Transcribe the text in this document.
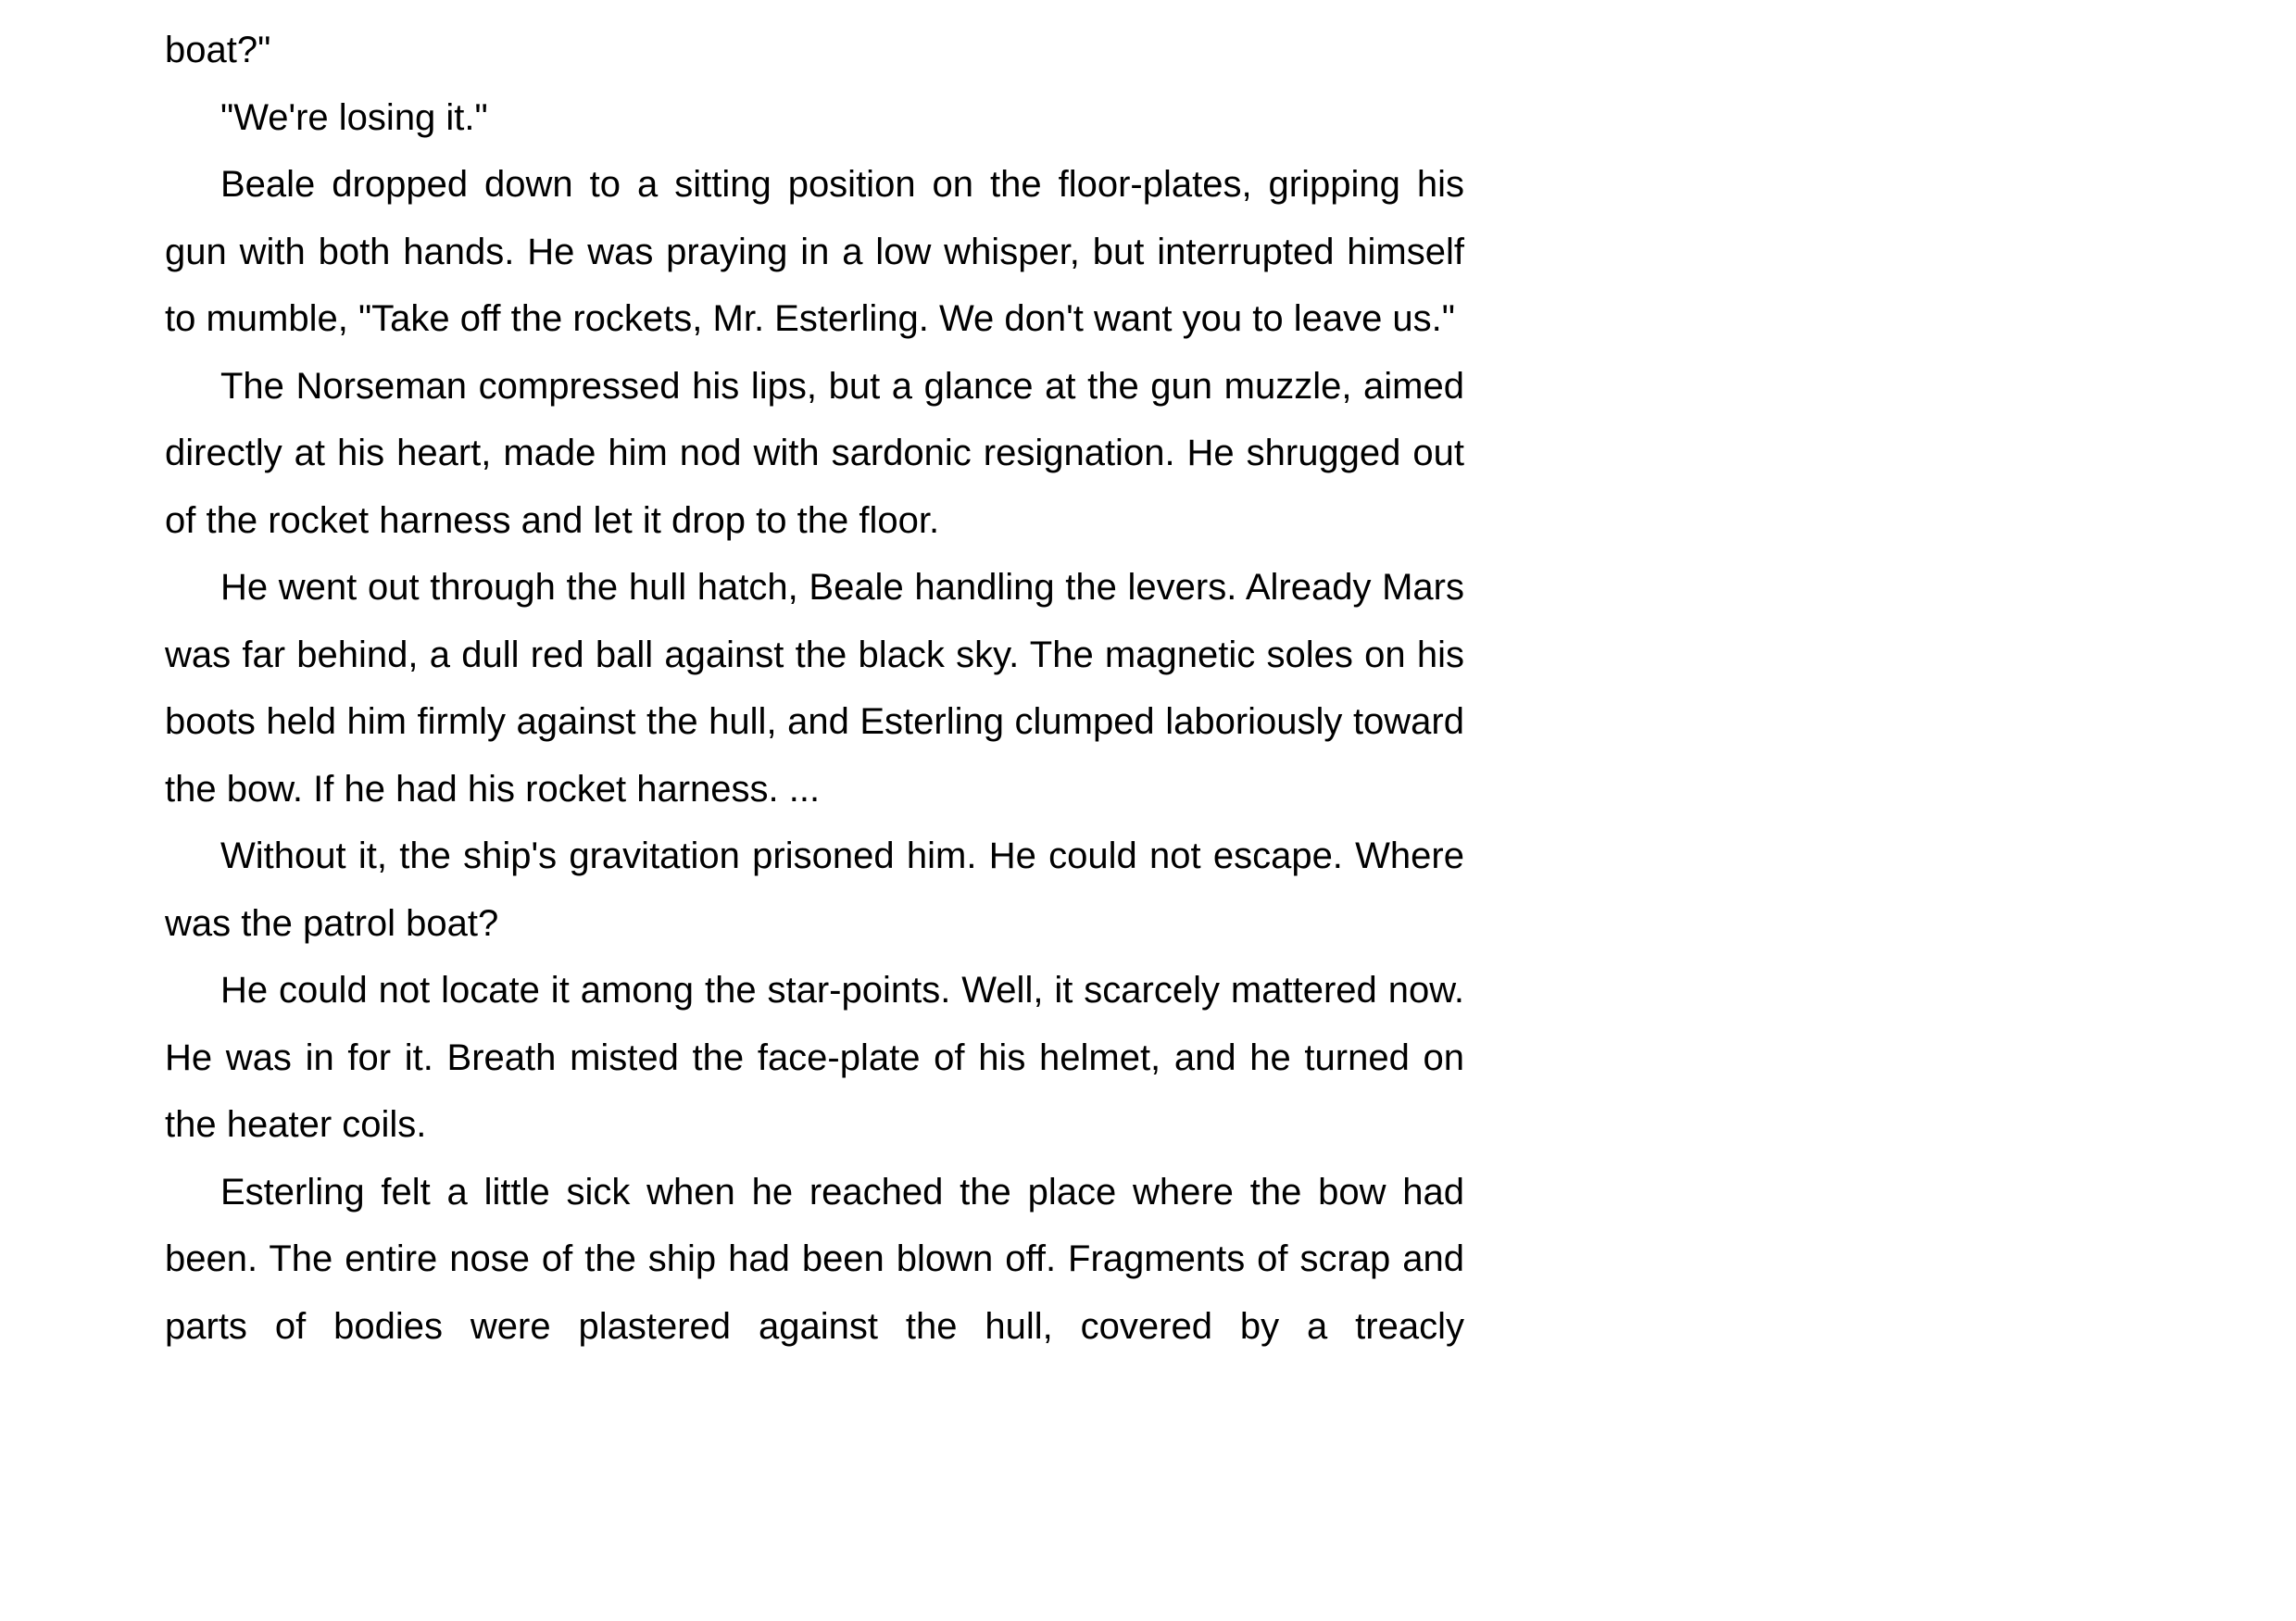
boat?"

"We're losing it."

Beale dropped down to a sitting position on the floor-plates, gripping his gun with both hands. He was praying in a low whisper, but interrupted himself to mumble, "Take off the rockets, Mr. Esterling. We don't want you to leave us."

The Norseman compressed his lips, but a glance at the gun muzzle, aimed directly at his heart, made him nod with sardonic resignation. He shrugged out of the rocket harness and let it drop to the floor.

He went out through the hull hatch, Beale handling the levers. Already Mars was far behind, a dull red ball against the black sky. The magnetic soles on his boots held him firmly against the hull, and Esterling clumped laboriously toward the bow. If he had his rocket harness. ...

Without it, the ship's gravitation prisoned him. He could not escape. Where was the patrol boat?

He could not locate it among the star-points. Well, it scarcely mattered now. He was in for it. Breath misted the face-plate of his helmet, and he turned on the heater coils.

Esterling felt a little sick when he reached the place where the bow had been. The entire nose of the ship had been blown off. Fragments of scrap and parts of bodies were plastered against the hull, covered by a treacly
